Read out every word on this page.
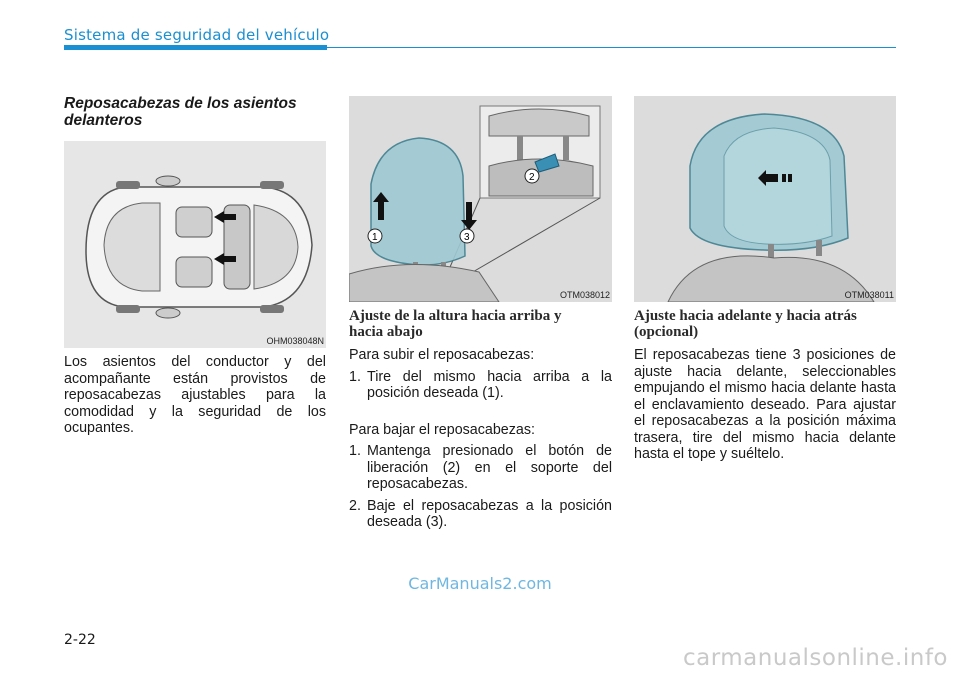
Sistema de seguridad del vehículo
Reposacabezas de los asientos delanteros
OHM038048N

Los asientos del conductor y del acompañante están provistos de reposacabezas ajustables para la comodidad y la seguridad de los ocupantes.

2
1	3
OTM038012
Ajuste de la altura hacia arriba y hacia abajo

Para subir el reposacabezas:

1. Tire del mismo hacia arriba a la posición deseada (1).

Para bajar el reposacabezas:

1. Mantenga presionado el botón de liberación (2) en el soporte del reposacabezas.
2. Baje el reposacabezas a la posición deseada (3).
OTM038011
Ajuste hacia adelante y hacia atrás (opcional)

El reposacabezas tiene 3 posiciones de ajuste hacia delante, seleccionables empujando el mismo hacia delante hasta el enclavamiento deseado. Para ajustar el reposacabezas a la posición máxima trasera, tire del mismo hacia delante hasta el tope y suéltelo.

CarManuals2.com
2-22
carmanualsonline.info
